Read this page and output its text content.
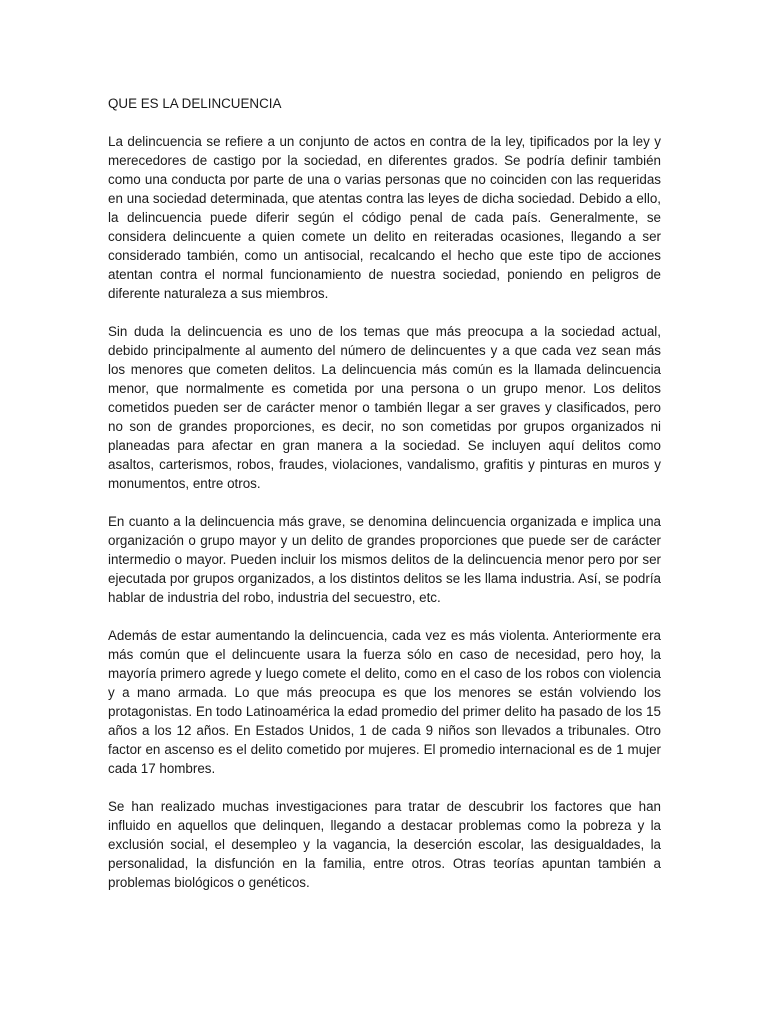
QUE ES LA DELINCUENCIA

La delincuencia se refiere a un conjunto de actos en contra de la ley, tipificados por la ley y merecedores de castigo por la sociedad, en diferentes grados. Se podría definir también como una conducta por parte de una o varias personas que no coinciden con las requeridas en una sociedad determinada, que atentas contra las leyes de dicha sociedad. Debido a ello, la delincuencia puede diferir según el código penal de cada país. Generalmente, se considera delincuente a quien comete un delito en reiteradas ocasiones, llegando a ser considerado también, como un antisocial, recalcando el hecho que este tipo de acciones atentan contra el normal funcionamiento de nuestra sociedad, poniendo en peligros de diferente naturaleza a sus miembros.

Sin duda la delincuencia es uno de los temas que más preocupa a la sociedad actual, debido principalmente al aumento del número de delincuentes y a que cada vez sean más los menores que cometen delitos. La delincuencia más común es la llamada delincuencia menor, que normalmente es cometida por una persona o un grupo menor. Los delitos cometidos pueden ser de carácter menor o también llegar a ser graves y clasificados, pero no son de grandes proporciones, es decir, no son cometidas por grupos organizados ni planeadas para afectar en gran manera a la sociedad. Se incluyen aquí delitos como asaltos, carterismos, robos, fraudes, violaciones, vandalismo, grafitis y pinturas en muros y monumentos, entre otros.

En cuanto a la delincuencia más grave, se denomina delincuencia organizada e implica una organización o grupo mayor y un delito de grandes proporciones que puede ser de carácter intermedio o mayor. Pueden incluir los mismos delitos de la delincuencia menor pero por ser ejecutada por grupos organizados, a los distintos delitos se les llama industria. Así, se podría hablar de industria del robo, industria del secuestro, etc.

Además de estar aumentando la delincuencia, cada vez es más violenta. Anteriormente era más común que el delincuente usara la fuerza sólo en caso de necesidad, pero hoy, la mayoría primero agrede y luego comete el delito, como en el caso de los robos con violencia y a mano armada. Lo que más preocupa es que los menores se están volviendo los protagonistas. En todo Latinoamérica la edad promedio del primer delito ha pasado de los 15 años a los 12 años. En Estados Unidos, 1 de cada 9 niños son llevados a tribunales. Otro factor en ascenso es el delito cometido por mujeres. El promedio internacional es de 1 mujer cada 17 hombres.

Se han realizado muchas investigaciones para tratar de descubrir los factores que han influido en aquellos que delinquen, llegando a destacar problemas como la pobreza y la exclusión social, el desempleo y la vagancia, la deserción escolar, las desigualdades, la personalidad, la disfunción en la familia, entre otros. Otras teorías apuntan también a problemas biológicos o genéticos.
